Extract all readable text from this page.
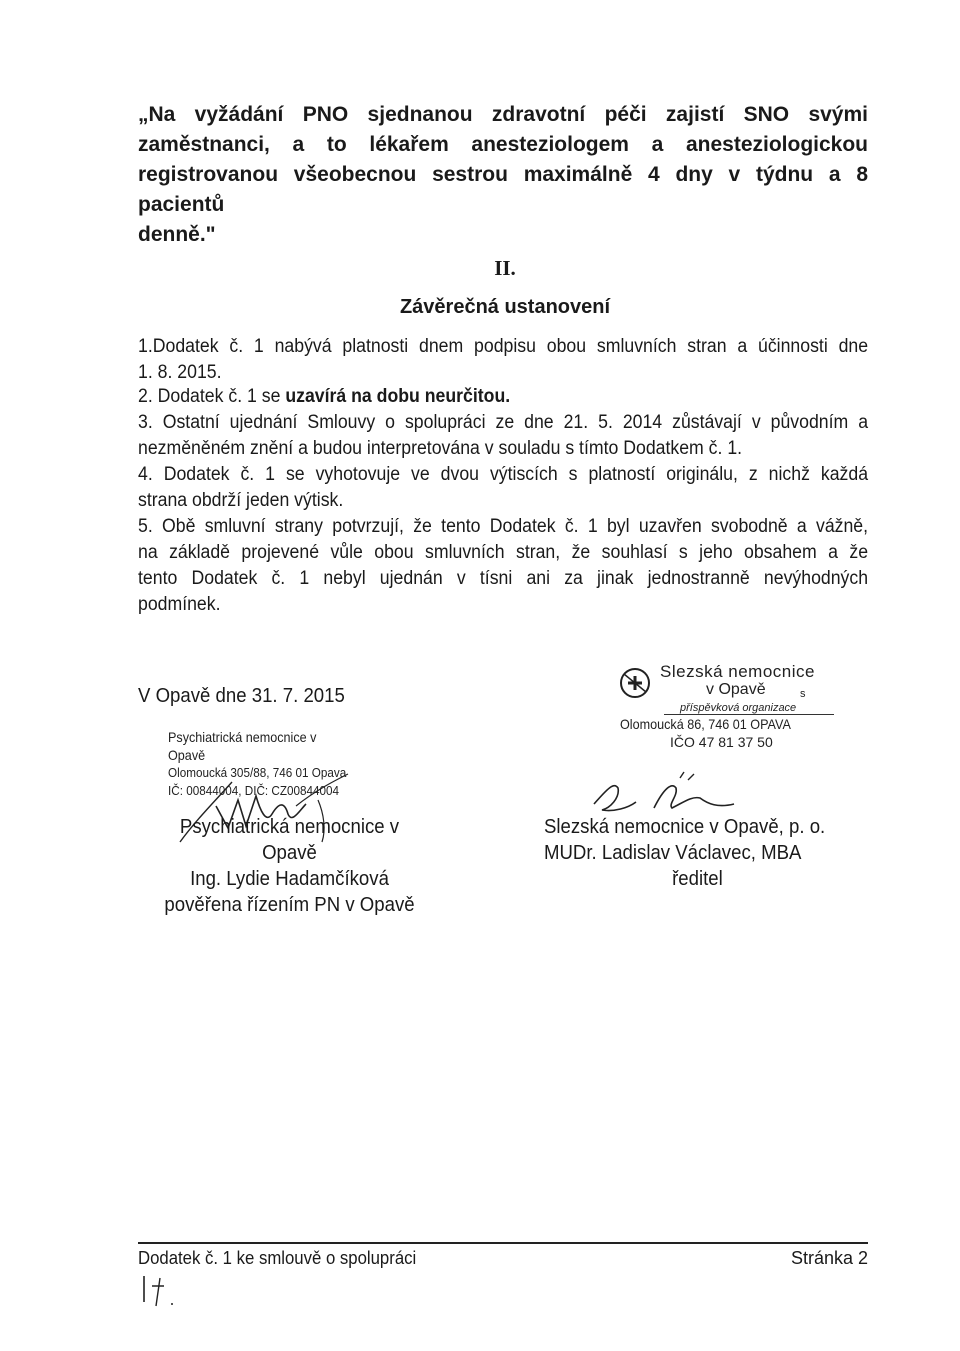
„Na vyžádání PNO sjednanou zdravotní péči zajistí SNO svými
zaměstnanci, a to lékařem anesteziologem a anesteziologickou
registrovanou všeobecnou sestrou maximálně 4 dny v týdnu a 8 pacientů
denně."
II.
Závěrečná ustanovení
1.Dodatek č. 1 nabývá platnosti dnem podpisu obou smluvních stran a účinnosti dne
1. 8. 2015.
2. Dodatek č. 1 se uzavírá na dobu neurčitou.
3. Ostatní ujednání Smlouvy o spolupráci ze dne 21. 5. 2014 zůstávají v původním a
nezměněném znění a budou interpretována v souladu s tímto Dodatkem č. 1.
4. Dodatek č. 1 se vyhotovuje ve dvou výtiscích s platností originálu, z nichž každá
strana obdrží jeden výtisk.
5. Obě smluvní strany potvrzují, že tento Dodatek č. 1 byl uzavřen svobodně a vážně,
na základě projevené vůle obou smluvních stran, že souhlasí s jeho obsahem a že
tento Dodatek č. 1 nebyl ujednán v tísni ani za jinak jednostranně nevýhodných
podmínek.
V Opavě dne 31. 7. 2015
Psychiatrická nemocnice v Opavě
Olomoucká 305/88, 746 01 Opava
IČ: 00844004, DIČ: CZ00844004
Slezská nemocnice
v Opavě	s
příspěvková organizace
Olomoucká 86, 746 01 OPAVA
IČO 47 81 37 50
Psychiatrická nemocnice v Opavě
Ing. Lydie Hadamčíková
pověřena řízením PN v Opavě
Slezská nemocnice v Opavě, p. o.
MUDr. Ladislav Václavec, MBA
ředitel
Dodatek č. 1 ke smlouvě o spolupráci	Stránka 2
